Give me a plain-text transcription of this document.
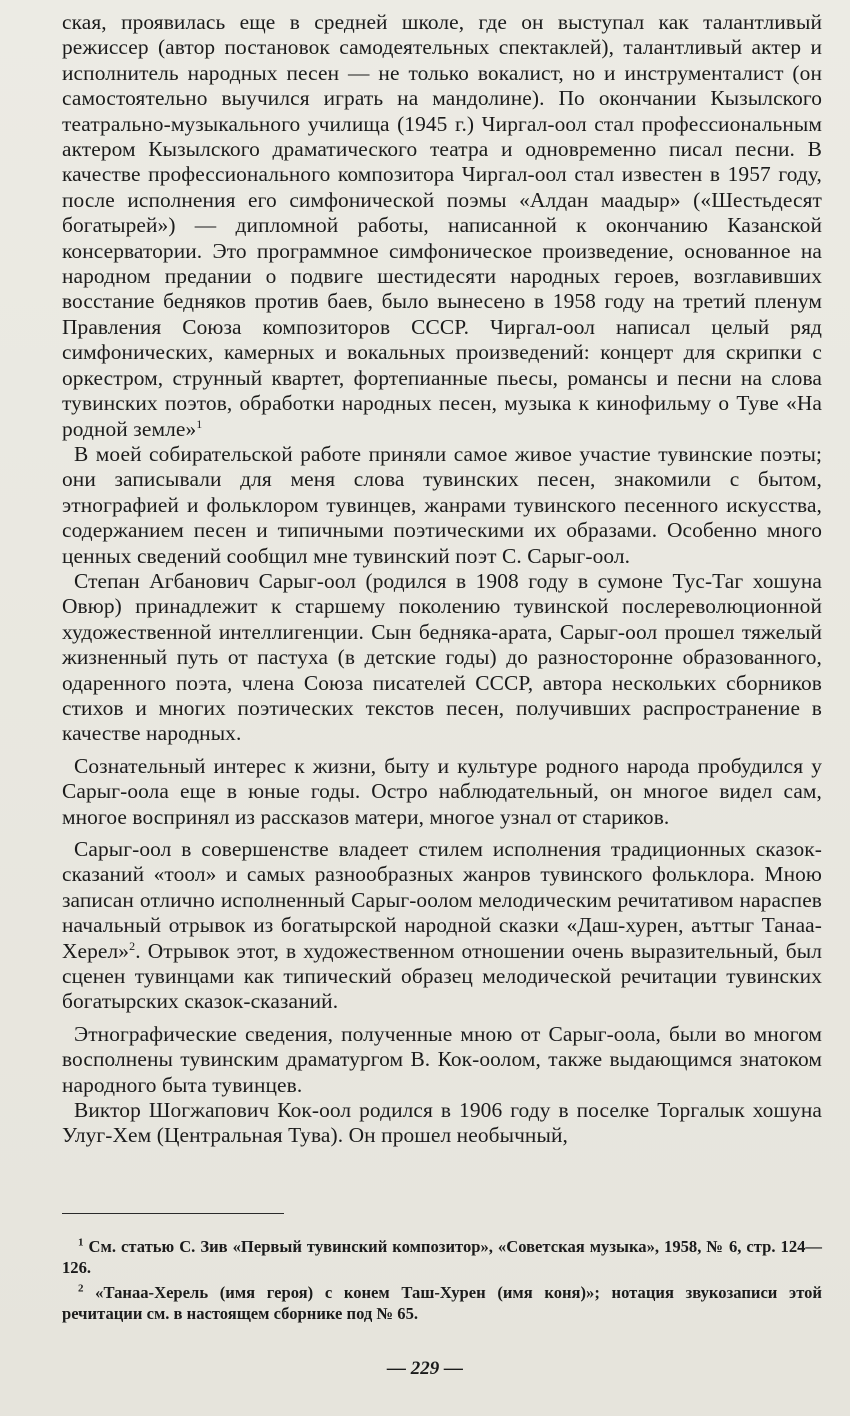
ская, проявилась еще в средней школе, где он выступал как талантливый режиссер (автор постановок самодеятельных спектаклей), талантливый актер и исполнитель народных песен — не только вокалист, но и инструменталист (он самостоятельно выучился играть на мандолине). По окончании Кызылского театрально-музыкального училища (1945 г.) Чиргал-оол стал профессиональным актером Кызылского драматического театра и одновременно писал песни. В качестве профессионального композитора Чиргал-оол стал известен в 1957 году, после исполнения его симфонической поэмы «Алдан маадыр» («Шестьдесят богатырей») — дипломной работы, написанной к окончанию Казанской консерватории. Это программное симфоническое произведение, основанное на народном предании о подвиге шестидесяти народных героев, возглавивших восстание бедняков против баев, было вынесено в 1958 году на третий пленум Правления Союза композиторов СССР. Чиргал-оол написал целый ряд симфонических, камерных и вокальных произведений: концерт для скрипки с оркестром, струнный квартет, фортепианные пьесы, романсы и песни на слова тувинских поэтов, обработки народных песен, музыка к кинофильму о Туве «На родной земле»$^1$

В моей собирательской работе приняли самое живое участие тувинские поэты; они записывали для меня слова тувинских песен, знакомили с бытом, этнографией и фольклором тувинцев, жанрами тувинского песенного искусства, содержанием песен и типичными поэтическими их образами. Особенно много ценных сведений сообщил мне тувинский поэт С. Сарыг-оол.

Степан Агбанович Сарыг-оол (родился в 1908 году в сумоне Тус-Таг хошуна Овюр) принадлежит к старшему поколению тувинской послереволюционной художественной интеллигенции. Сын бедняка-арата, Сарыг-оол прошел тяжелый жизненный путь от пастуха (в детские годы) до разносторонне образованного, одаренного поэта, члена Союза писателей СССР, автора нескольких сборников стихов и многих поэтических текстов песен, получивших распространение в качестве народных.

Сознательный интерес к жизни, быту и культуре родного народа пробудился у Сарыг-оола еще в юные годы. Остро наблюдательный, он многое видел сам, многое воспринял из рассказов матери, многое узнал от стариков.

Сарыг-оол в совершенстве владеет стилем исполнения традиционных сказок-сказаний «тоол» и самых разнообразных жанров тувинского фольклора. Мною записан отлично исполненный Сарыг-оолом мелодическим речитативом нараспев начальный отрывок из богатырской народной сказки «Даш-хурен, аъттыг Танаа-Херел»$^2$. Отрывок этот, в художественном отношении очень выразительный, был сценен тувинцами как типический образец мелодической речитации тувинских богатырских сказок-сказаний.

Этнографические сведения, полученные мною от Сарыг-оола, были во многом восполнены тувинским драматургом В. Кок-оолом, также выдающимся знатоком народного быта тувинцев.

Виктор Шогжапович Кок-оол родился в 1906 году в поселке Торгалык хошуна Улуг-Хем (Центральная Тува). Он прошел необычный,

$^1$ См. статью С. Зив «Первый тувинский композитор», «Советская музыка», 1958, № 6, стр. 124—126.

$^2$ «Танаа-Херель (имя героя) с конем Таш-Хурен (имя коня)»; нотация звукозаписи этой речитации см. в настоящем сборнике под № 65.

— 229 —
